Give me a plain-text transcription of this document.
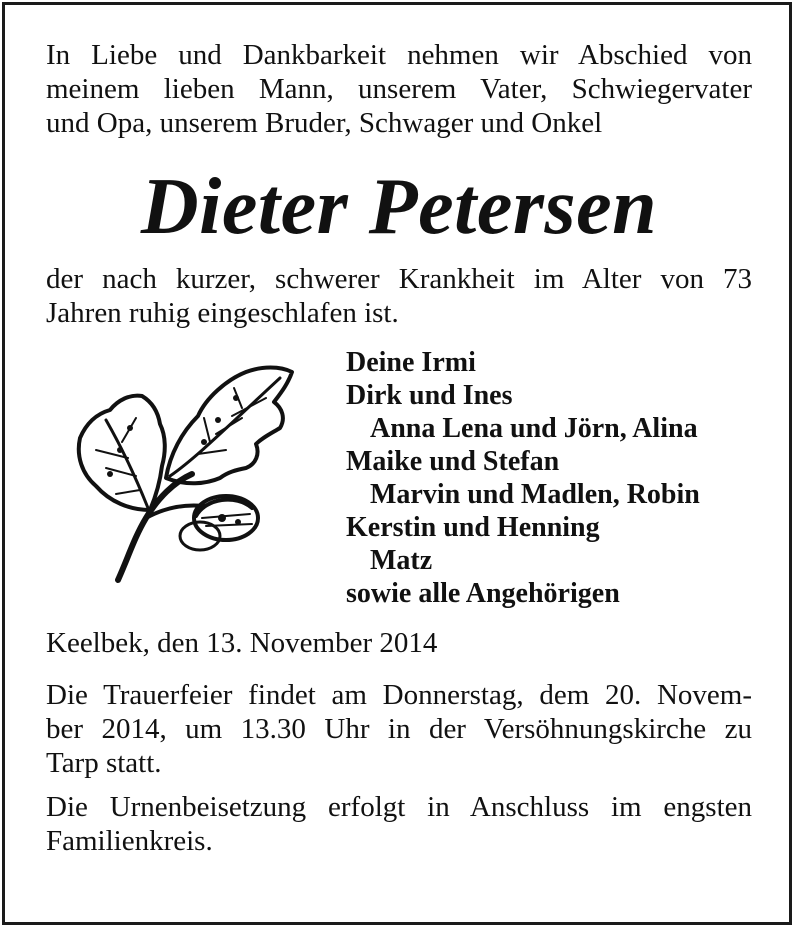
In Liebe und Dankbarkeit nehmen wir Abschied von
meinem lieben Mann, unserem Vater, Schwiegervater
und Opa, unserem Bruder, Schwager und Onkel

Dieter Petersen

der nach kurzer, schwerer Krankheit im Alter von 73
Jahren ruhig eingeschlafen ist.

Deine Irmi
Dirk und Ines
Anna Lena und Jörn, Alina
Maike und Stefan
Marvin und Madlen, Robin
Kerstin und Henning
Matz
sowie alle Angehörigen

Keelbek, den 13. November 2014

Die Trauerfeier findet am Donnerstag, dem 20. Novem-
ber 2014, um 13.30 Uhr in der Versöhnungskirche zu
Tarp statt.

Die Urnenbeisetzung erfolgt in Anschluss im engsten
Familienkreis.
